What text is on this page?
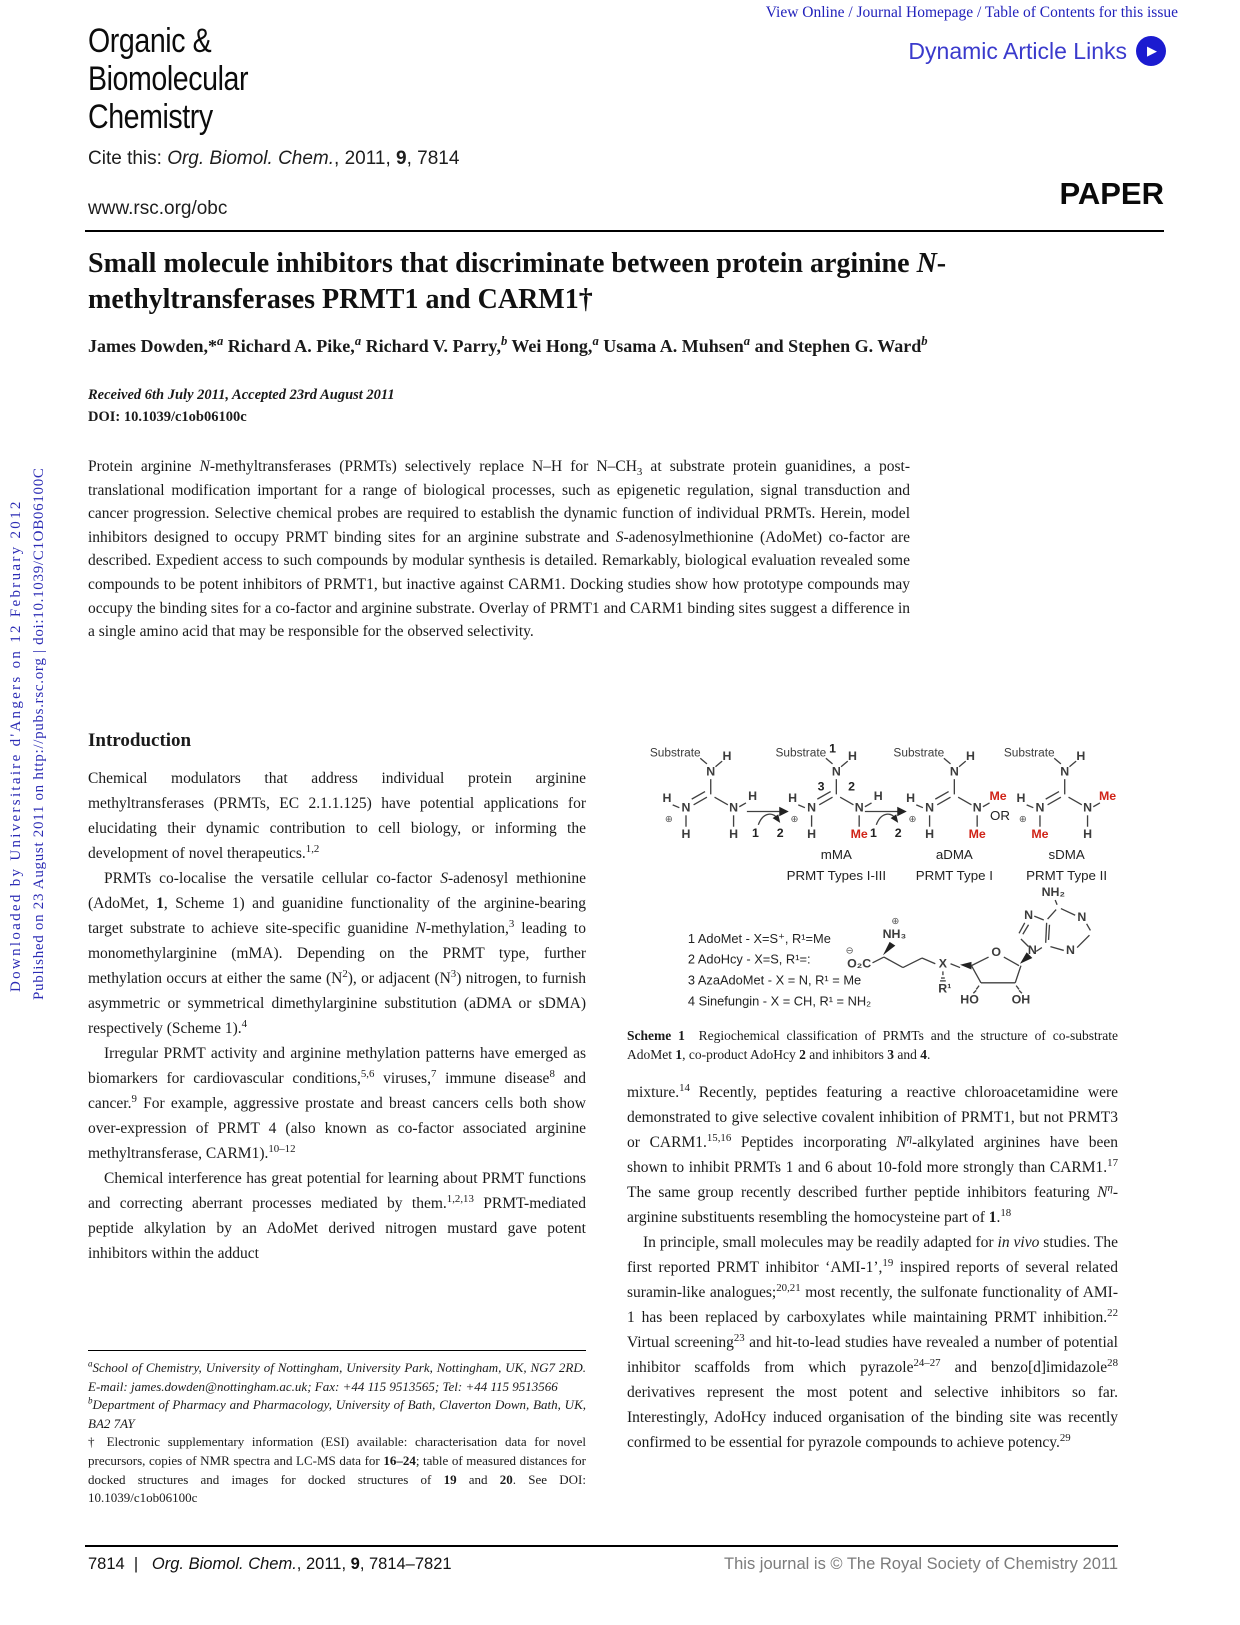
Downloaded by Universitaire d'Angers on 12 February 2012 Published on 23 August 2011 on http://pubs.rsc.org | doi:10.1039/C1OB06100C
View Online / Journal Homepage / Table of Contents for this issue
Organic &
Biomolecular
Chemistry
Dynamic Article Links	▶
Cite this: Org. Biomol. Chem., 2011, 9, 7814
www.rsc.org/obc	PAPER
Small molecule inhibitors that discriminate between protein arginine N-methyltransferases PRMT1 and CARM1†
James Dowden,*$^a$ Richard A. Pike,$^a$ Richard V. Parry,$^b$ Wei Hong,$^a$ Usama A. Muhsen$^a$ and Stephen G. Ward$^b$
Received 6th July 2011, Accepted 23rd August 2011
DOI: 10.1039/c1ob06100c
Protein arginine N-methyltransferases (PRMTs) selectively replace N–H for $N-CH_3$ at substrate protein guanidines, a post-translational modification important for a range of biological processes, such as epigenetic regulation, signal transduction and cancer progression. Selective chemical probes are required to establish the dynamic function of individual PRMTs. Herein, model inhibitors designed to occupy PRMT binding sites for an arginine substrate and S-adenosylmethionine (AdoMet) co-factor are described. Expedient access to such compounds by modular synthesis is detailed. Remarkably, biological evaluation revealed some compounds to be potent inhibitors of PRMT1, but inactive against CARM1. Docking studies show how prototype compounds may occupy the binding sites for a co-factor and arginine substrate. Overlay of PRMT1 and CARM1 binding sites suggest a difference in a single amino acid that may be responsible for the observed selectivity.
Introduction

Chemical modulators that address individual protein arginine methyltransferases (PRMTs, EC 2.1.1.125) have potential applications for elucidating their dynamic contribution to cell biology, or informing the development of novel therapeutics.$^{1,2}$

PRMTs co-localise the versatile cellular co-factor S-adenosyl methionine (AdoMet, 1, Scheme 1) and guanidine functionality of the arginine-bearing target substrate to achieve site-specific guanidine N-methylation,$^3$ leading to monomethylarginine (mMA). Depending on the PRMT type, further methylation occurs at either the same $(N^2)$, or adjacent $(N^3)$ nitrogen, to furnish asymmetric or symmetrical dimethylarginine substitution (aDMA or sDMA) respectively (Scheme 1).$^4$

Irregular PRMT activity and arginine methylation patterns have emerged as biomarkers for cardiovascular conditions,$^{5,6}$ viruses,$^7$ immune disease$^8$ and cancer.$^9$ For example, aggressive prostate and breast cancers cells both show over-expression of PRMT 4 (also known as co-factor associated arginine methyltransferase, CARM1).$^{10-12}$

Chemical interference has great potential for learning about PRMT functions and correcting aberrant processes mediated by them.$^{1,2,13}$ PRMT-mediated peptide alkylation by an AdoMet derived nitrogen mustard gave potent inhibitors within the adduct

$^a$School of Chemistry, University of Nottingham, University Park, Nottingham, UK, NG7 2RD. E-mail: james.dowden@nottingham.ac.uk; Fax: +44 115 9513565; Tel: +44 115 9513566

$^b$Department of Pharmacy and Pharmacology, University of Bath, Claverton Down, Bath, UK, BA2 7AY

† Electronic supplementary information (ESI) available: characterisation data for novel precursors, copies of NMR spectra and LC-MS data for 16–24; table of measured distances for docked structures and images for docked structures of 19 and 20. See DOI: 10.1039/c1ob06100c

Substrate
N
H
N
H
⊕
H
N
H
H 1 2
Substrate 1
N
H
3 2
N
H
⊕
H
N
H
Me 1 2
Substrate
N
H
N
H
⊕
H
N
Me
Me
OR
Substrate
N
H
N
H
⊕
Me
N
Me
H
mMA	aDMA	sDMA
PRMT Types I-III PRMT Type I PRMT Type II
1 AdoMet - X=S⁺, R¹=Me
2 AdoHcy - X=S, R¹=:
3 AzaAdoMet - X = N, R¹ = Me
4 Sinefungin - X = CH, R¹ = NH₂
⊖
O₂C
NH₃
⊕
X
R¹
O
HO	OH
N
N
NH₂
N
N
Scheme 1 Regiochemical classification of PRMTs and the structure of co-substrate AdoMet 1, co-product AdoHcy 2 and inhibitors 3 and 4.

mixture.$^{14}$ Recently, peptides featuring a reactive chloroacetamidine were demonstrated to give selective covalent inhibition of PRMT1, but not PRMT3 or CARM1.$^{15,16}$ Peptides incorporating $N^\eta$-alkylated arginines have been shown to inhibit PRMTs 1 and 6 about 10-fold more strongly than CARM1.17 The same group recently described further peptide inhibitors featuring $N^\eta$-arginine substituents resembling the homocysteine part of 1.18

In principle, small molecules may be readily adapted for in vivo studies. The first reported PRMT inhibitor ‘AMI-1’,$^{19}$ inspired reports of several related suramin-like analogues;$^{20,21}$ most recently, the sulfonate functionality of AMI-1 has been replaced by carboxylates while maintaining PRMT inhibition.$^{22}$ Virtual screening$^{23}$ and hit-to-lead studies have revealed a number of potential inhibitor scaffolds from which pyrazole$^{24-27}$ and benzo[d]imidazole$^{28}$ derivatives represent the most potent and selective inhibitors so far. Interestingly, AdoHcy induced organisation of the binding site was recently confirmed to be essential for pyrazole compounds to achieve potency.$^{29}$

7814  |   Org. Biomol. Chem., 2011, 9, 7814–7821	This journal is © The Royal Society of Chemistry 2011
